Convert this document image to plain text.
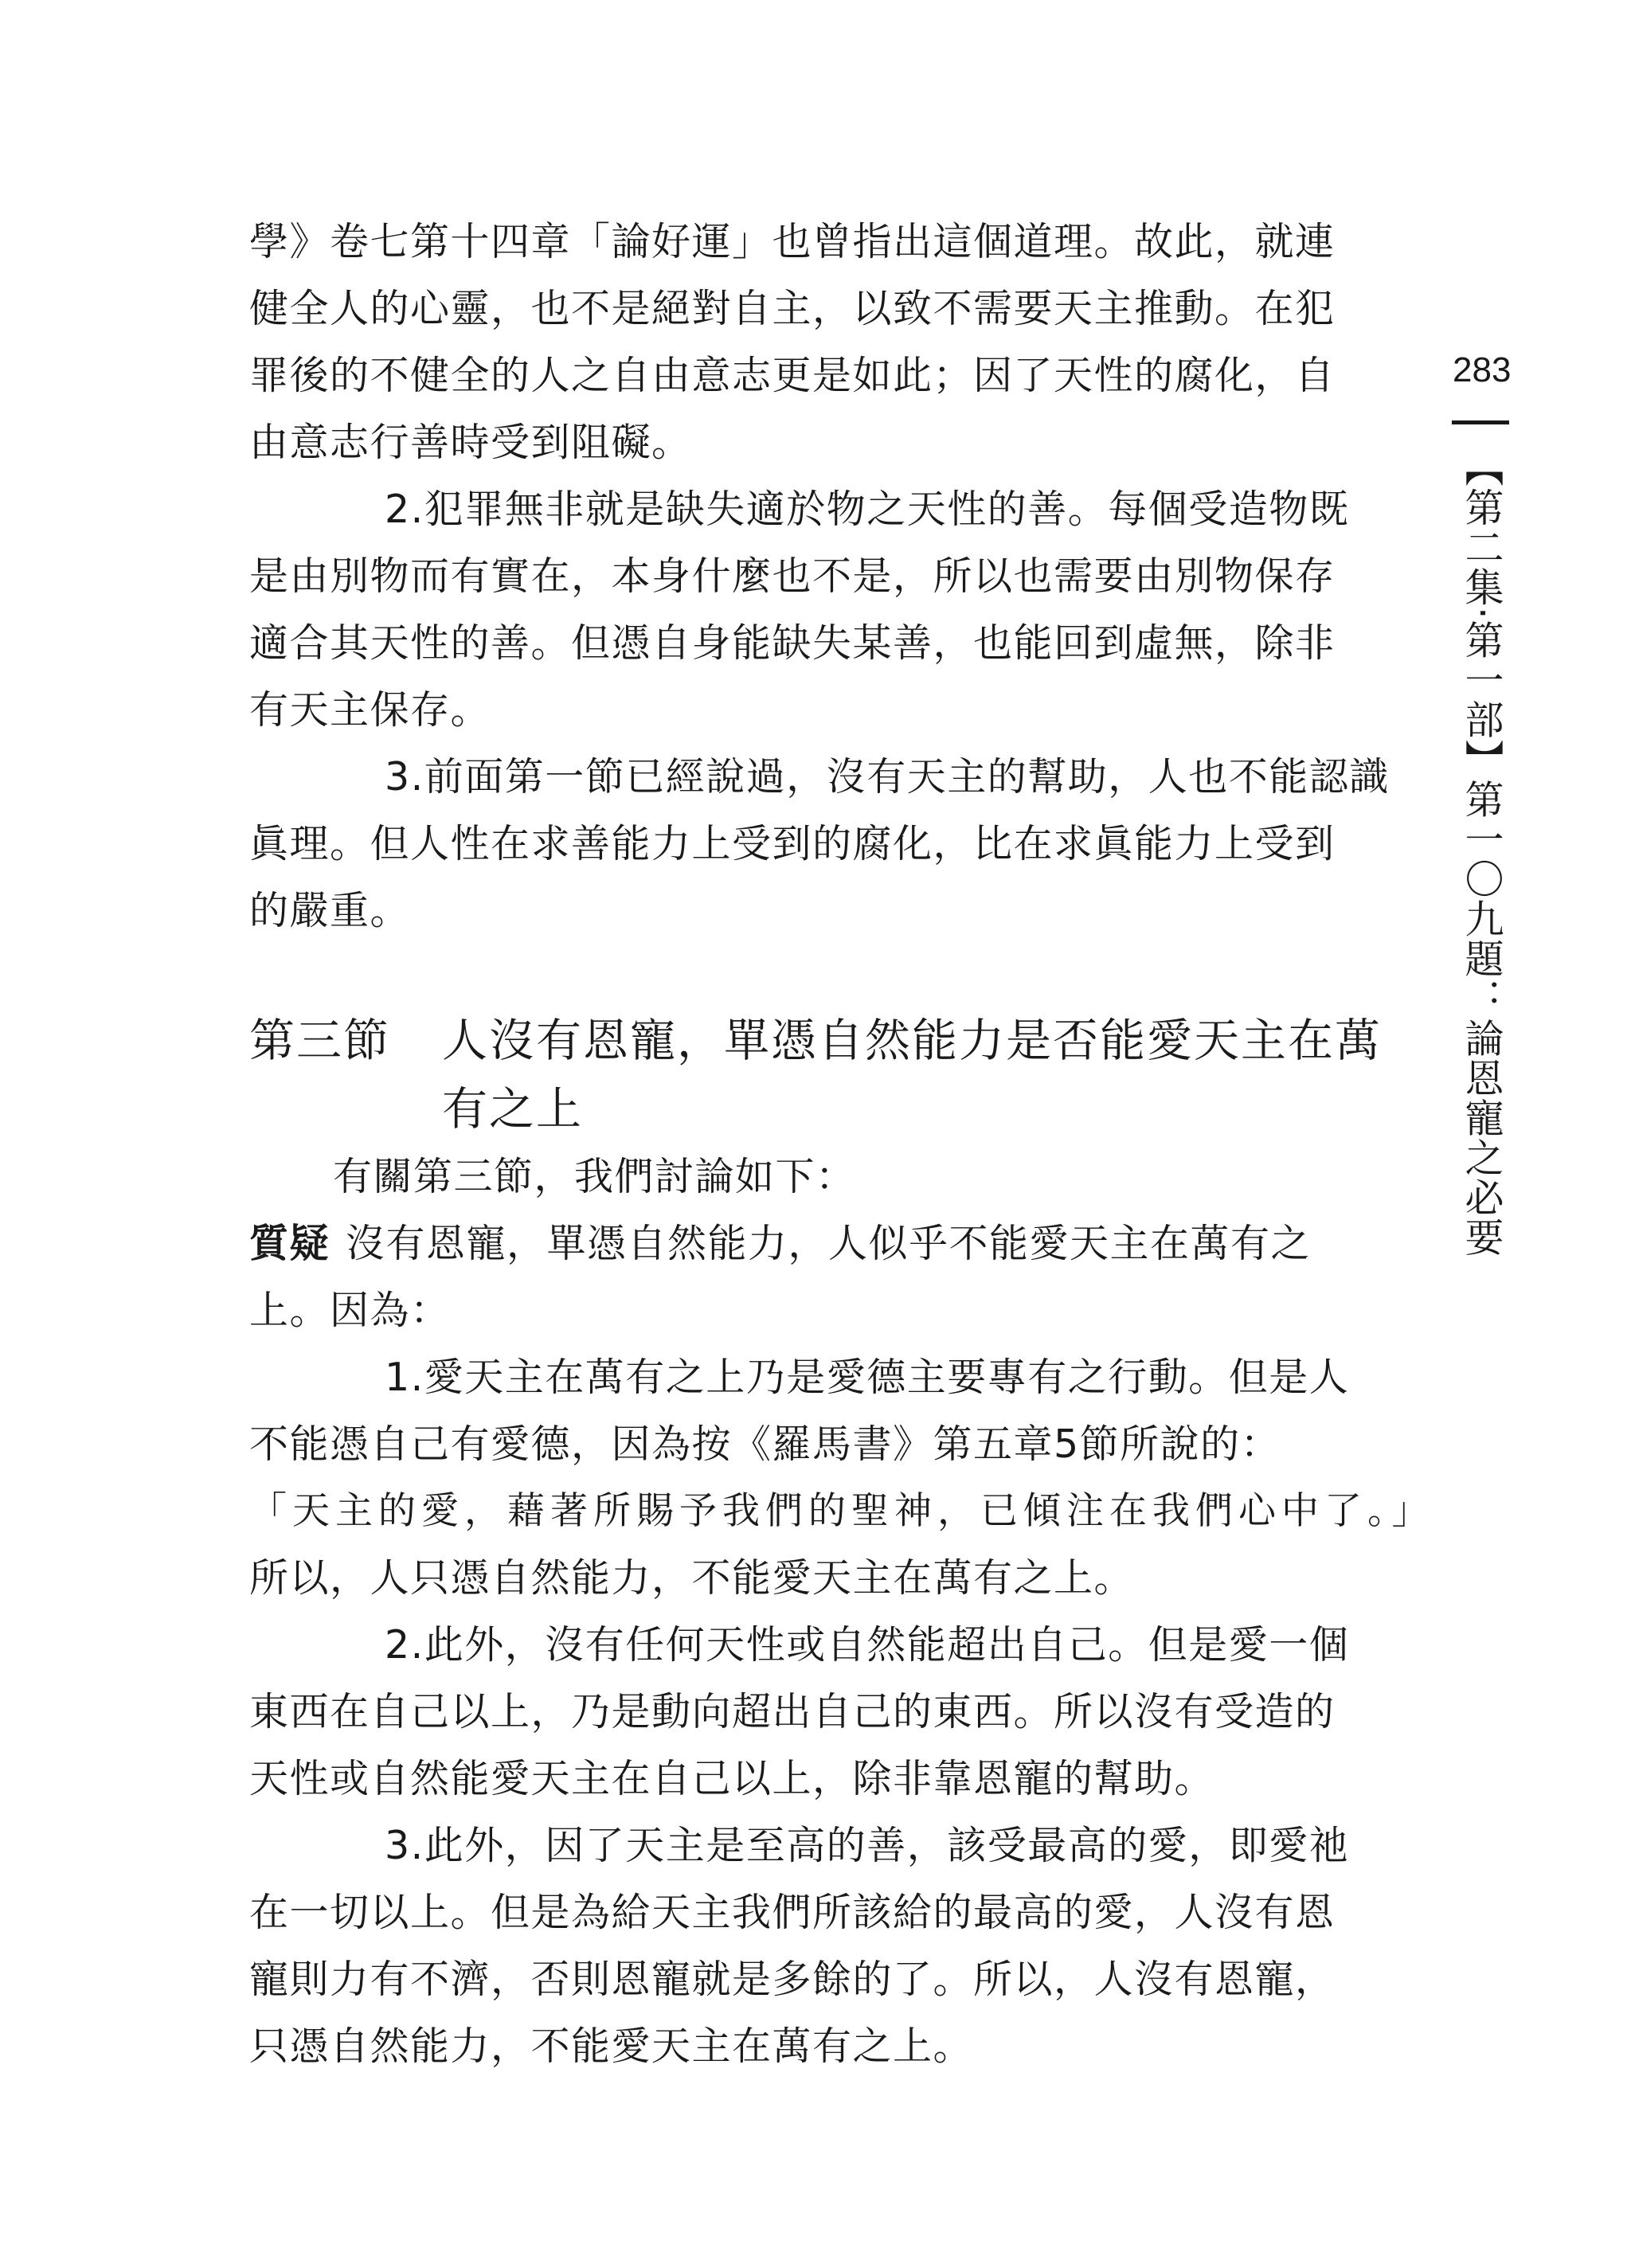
283
【第二集‧第一部】第一〇九題：論恩寵之必要
學》卷七第十四章「論好運」也曾指出這個道理。故此，就連
健全人的心靈，也不是絕對自主，以致不需要天主推動。在犯
罪後的不健全的人之自由意志更是如此；因了天性的腐化，自
由意志行善時受到阻礙。
2.犯罪無非就是缺失適於物之天性的善。每個受造物既
是由別物而有實在，本身什麼也不是，所以也需要由別物保存
適合其天性的善。但憑自身能缺失某善，也能回到虛無，除非
有天主保存。
3.前面第一節已經說過，沒有天主的幫助，人也不能認識
眞理。但人性在求善能力上受到的腐化，比在求眞能力上受到
的嚴重。
第三節 人沒有恩寵，單憑自然能力是否能愛天主在萬
有之上
有關第三節，我們討論如下：
質疑 沒有恩寵，單憑自然能力，人似乎不能愛天主在萬有之
上。因為：
1.愛天主在萬有之上乃是愛德主要專有之行動。但是人
不能憑自己有愛德，因為按《羅馬書》第五章5節所說的：
「天主的愛，藉著所賜予我們的聖神，已傾注在我們心中了。」
所以，人只憑自然能力，不能愛天主在萬有之上。
2.此外，沒有任何天性或自然能超出自己。但是愛一個
東西在自己以上，乃是動向超出自己的東西。所以沒有受造的
天性或自然能愛天主在自己以上，除非靠恩寵的幫助。
3.此外，因了天主是至高的善，該受最高的愛，即愛祂
在一切以上。但是為給天主我們所該給的最高的愛，人沒有恩
寵則力有不濟，否則恩寵就是多餘的了。所以，人沒有恩寵，
只憑自然能力，不能愛天主在萬有之上。
